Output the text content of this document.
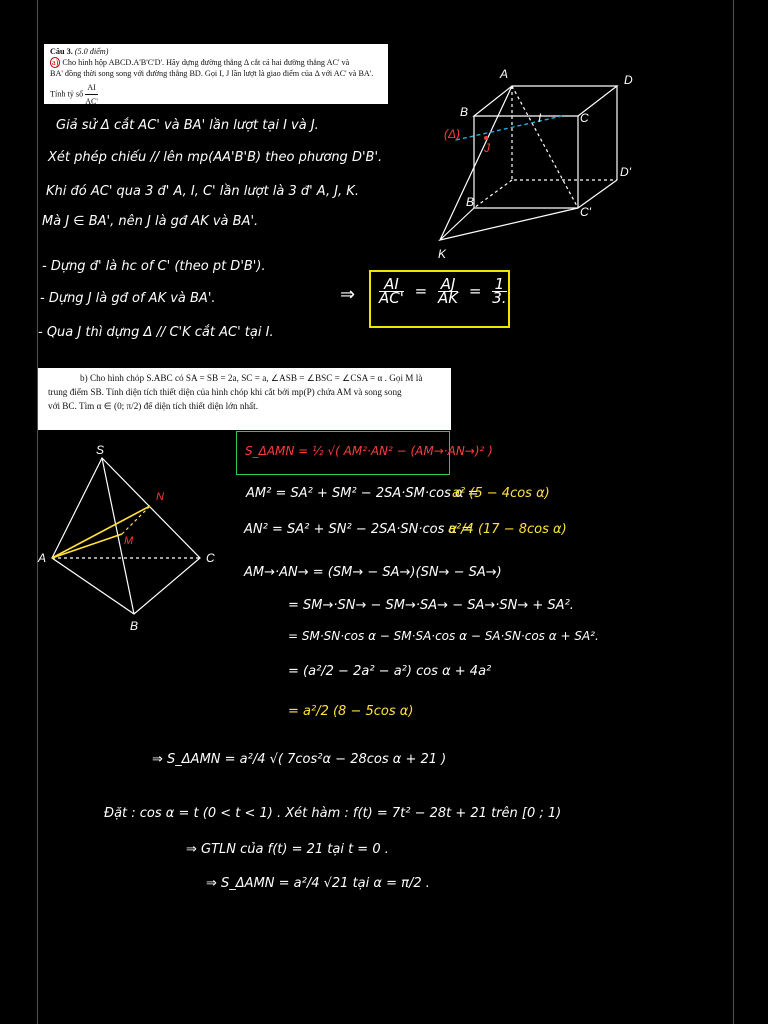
Câu 3. (5.0 điểm)
a) Cho hình hộp ABCD.A'B'C'D'. Hãy dựng đường thẳng Δ cắt cả hai đường thẳng AC' và
BA' đồng thời song song với đường thẳng BD. Gọi I, J lần lượt là giao điểm của Δ với AC' và BA'.
Tính tỷ số $\frac{AI}{AC'}$
Giả sử Δ cắt AC' và BA' lần lượt tại I và J.
Xét phép chiếu // lên mp(AA'B'B) theo phương D'B'.
Khi đó AC' qua 3 đ' A, I, C' lần lượt là 3 đ' A, J, K.
Mà J ∈ BA', nên J là gđ AK và BA'.
- Dựng đ' là hc of C' (theo pt D'B').
- Dựng J là gđ of AK và BA'.
- Qua J thì dựng Δ // C'K cắt AC' tại I.
⇒ $\frac{AI}{AC'} = \frac{AJ}{AK} = \frac{1}{3.}$
A	D
B	C
D'
C'
B
K
(Δ)
I
J
b) Cho hình chóp S.ABC có SA = SB = 2a, SC = a, ∠ASB = ∠BSC = ∠CSA = α . Gọi M là
trung điểm SB. Tính diện tích thiết diện của hình chóp khi cắt bởi mp(P) chứa AM và song song
với BC. Tìm α ∈ (0; π/2) để diện tích thiết diện lớn nhất.
S
A
B
C
M
N
S_ΔAMN = ½ √( AM²·AN² − (AM→·AN→)² )
AM² = SA² + SM² − 2SA·SM·cos α =
a² (5 − 4cos α)
AN² = SA² + SN² − 2SA·SN·cos α =
a²/4 (17 − 8cos α)
AM→·AN→ = (SM→ − SA→)(SN→ − SA→)
= SM→·SN→ − SM→·SA→ − SA→·SN→ + SA².
= SM·SN·cos α − SM·SA·cos α − SA·SN·cos α + SA².
= (a²/2 − 2a² − a²) cos α + 4a²
= a²/2 (8 − 5cos α)
⇒ S_ΔAMN = a²/4 √( 7cos²α − 28cos α + 21 )
Đặt : cos α = t (0 < t < 1) . Xét hàm : f(t) = 7t² − 28t + 21 trên [0 ; 1)
⇒ GTLN của f(t) = 21 tại t = 0 .
⇒ S_ΔAMN = a²/4 √21 tại α = π/2 .
